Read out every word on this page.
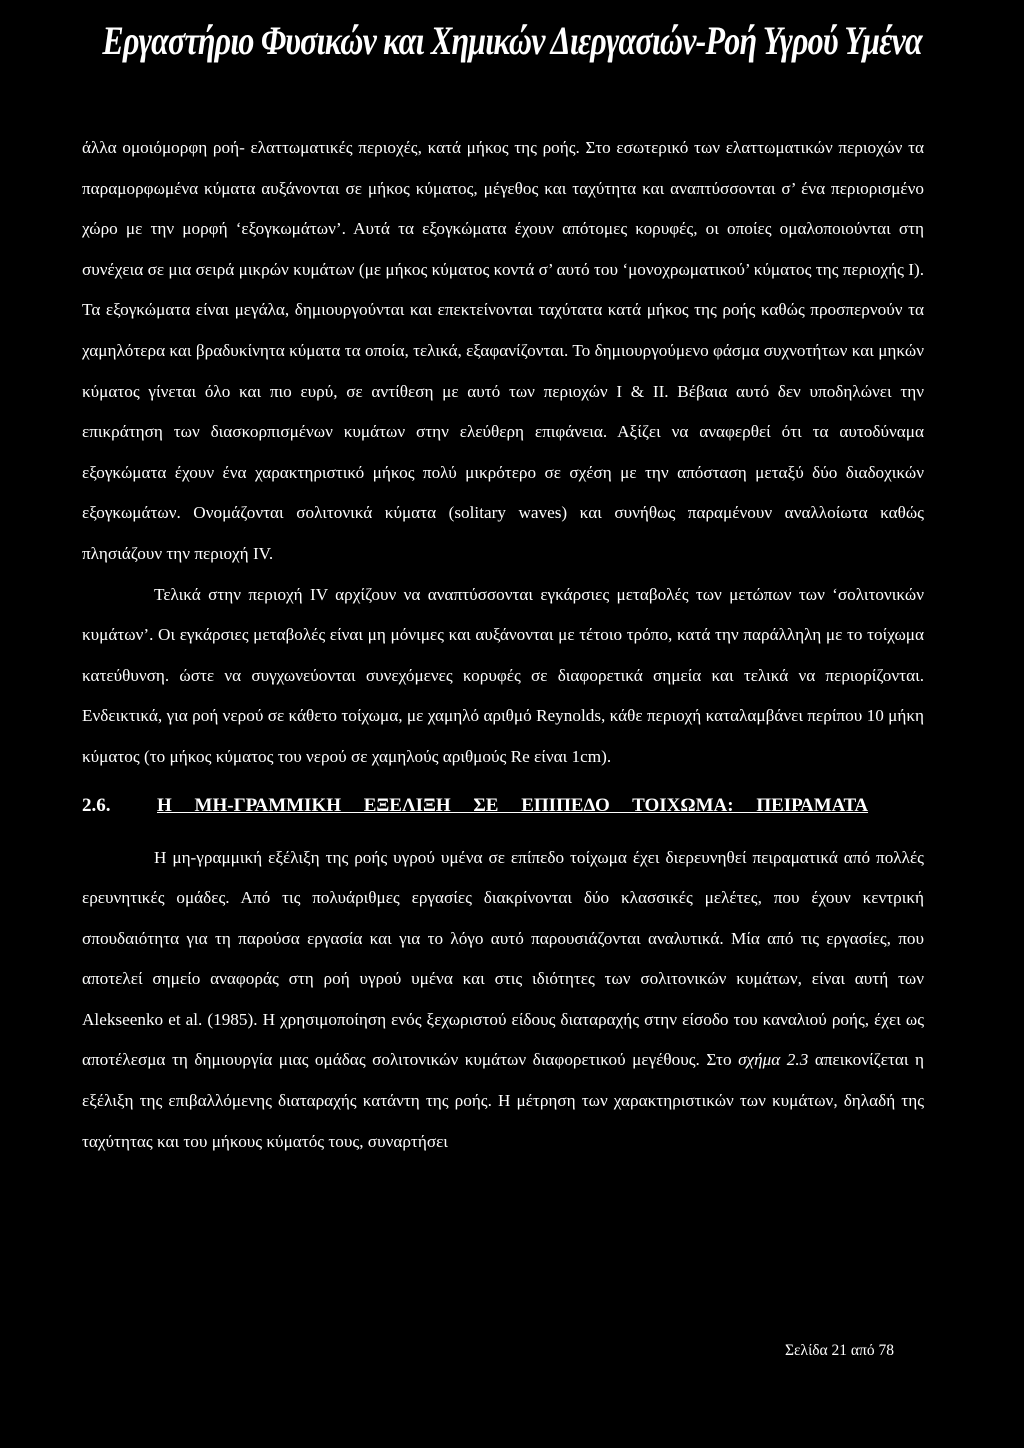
Εργαστήριο Φυσικών και Χημικών Διεργασιών-Ροή Υγρού Υμένα

άλλα ομοιόμορφη ροή- ελαττωματικές περιοχές, κατά μήκος της ροής. Στο εσωτερικό των ελαττωματικών περιοχών τα παραμορφωμένα κύματα αυξάνονται σε μήκος κύματος, μέγεθος και ταχύτητα και αναπτύσσονται σ’ ένα περιορισμένο χώρο με την μορφή ‘εξογκωμάτων’. Αυτά τα εξογκώματα έχουν απότομες κορυφές, οι οποίες ομαλοποιούνται στη συνέχεια σε μια σειρά μικρών κυμάτων (με μήκος κύματος κοντά σ’ αυτό του ‘μονοχρωματικού’ κύματος της περιοχής Ι). Τα εξογκώματα είναι μεγάλα, δημιουργούνται και επεκτείνονται ταχύτατα κατά μήκος της ροής καθώς προσπερνούν τα χαμηλότερα και βραδυκίνητα κύματα τα οποία, τελικά, εξαφανίζονται. Το δημιουργούμενο φάσμα συχνοτήτων και μηκών κύματος γίνεται όλο και πιο ευρύ, σε αντίθεση με αυτό των περιοχών Ι & ΙΙ. Βέβαια αυτό δεν υποδηλώνει την επικράτηση των διασκορπισμένων κυμάτων στην ελεύθερη επιφάνεια. Αξίζει να αναφερθεί ότι τα αυτοδύναμα εξογκώματα έχουν ένα χαρακτηριστικό μήκος πολύ μικρότερο σε σχέση με την απόσταση μεταξύ δύο διαδοχικών εξογκωμάτων. Ονομάζονται σολιτονικά κύματα (solitary waves) και συνήθως παραμένουν αναλλοίωτα καθώς πλησιάζουν την περιοχή IV.

Τελικά στην περιοχή IV αρχίζουν να αναπτύσσονται εγκάρσιες μεταβολές των μετώπων των ‘σολιτονικών κυμάτων’. Οι εγκάρσιες μεταβολές είναι μη μόνιμες και αυξάνονται με τέτοιο τρόπο, κατά την παράλληλη με το τοίχωμα κατεύθυνση. ώστε να συγχωνεύονται συνεχόμενες κορυφές σε διαφορετικά σημεία και τελικά να περιορίζονται. Ενδεικτικά, για ροή νερού σε κάθετο τοίχωμα, με χαμηλό αριθμό Reynolds, κάθε περιοχή καταλαμβάνει περίπου 10 μήκη κύματος (το μήκος κύματος του νερού σε χαμηλούς αριθμούς Re είναι 1cm).

2.6.	Η ΜΗ-ΓΡΑΜΜΙΚΗ ΕΞΕΛΙΞΗ ΣΕ ΕΠΙΠΕΔΟ ΤΟΙΧΩΜΑ: ΠΕΙΡΑΜΑΤΑ

Η μη-γραμμική εξέλιξη της ροής υγρού υμένα σε επίπεδο τοίχωμα έχει διερευνηθεί πειραματικά από πολλές ερευνητικές ομάδες. Από τις πολυάριθμες εργασίες διακρίνονται δύο κλασσικές μελέτες, που έχουν κεντρική σπουδαιότητα για τη παρούσα εργασία και για το λόγο αυτό παρουσιάζονται αναλυτικά. Μία από τις εργασίες, που αποτελεί σημείο αναφοράς στη ροή υγρού υμένα και στις ιδιότητες των σολιτονικών κυμάτων, είναι αυτή των Alekseenko et al. (1985). Η χρησιμοποίηση ενός ξεχωριστού είδους διαταραχής στην είσοδο του καναλιού ροής, έχει ως αποτέλεσμα τη δημιουργία μιας ομάδας σολιτονικών κυμάτων διαφορετικού μεγέθους. Στο σχήμα 2.3 απεικονίζεται η εξέλιξη της επιβαλλόμενης διαταραχής κατάντη της ροής. Η μέτρηση των χαρακτηριστικών των κυμάτων, δηλαδή της ταχύτητας και του μήκους κύματός τους, συναρτήσει

Σελίδα 21 από 78
